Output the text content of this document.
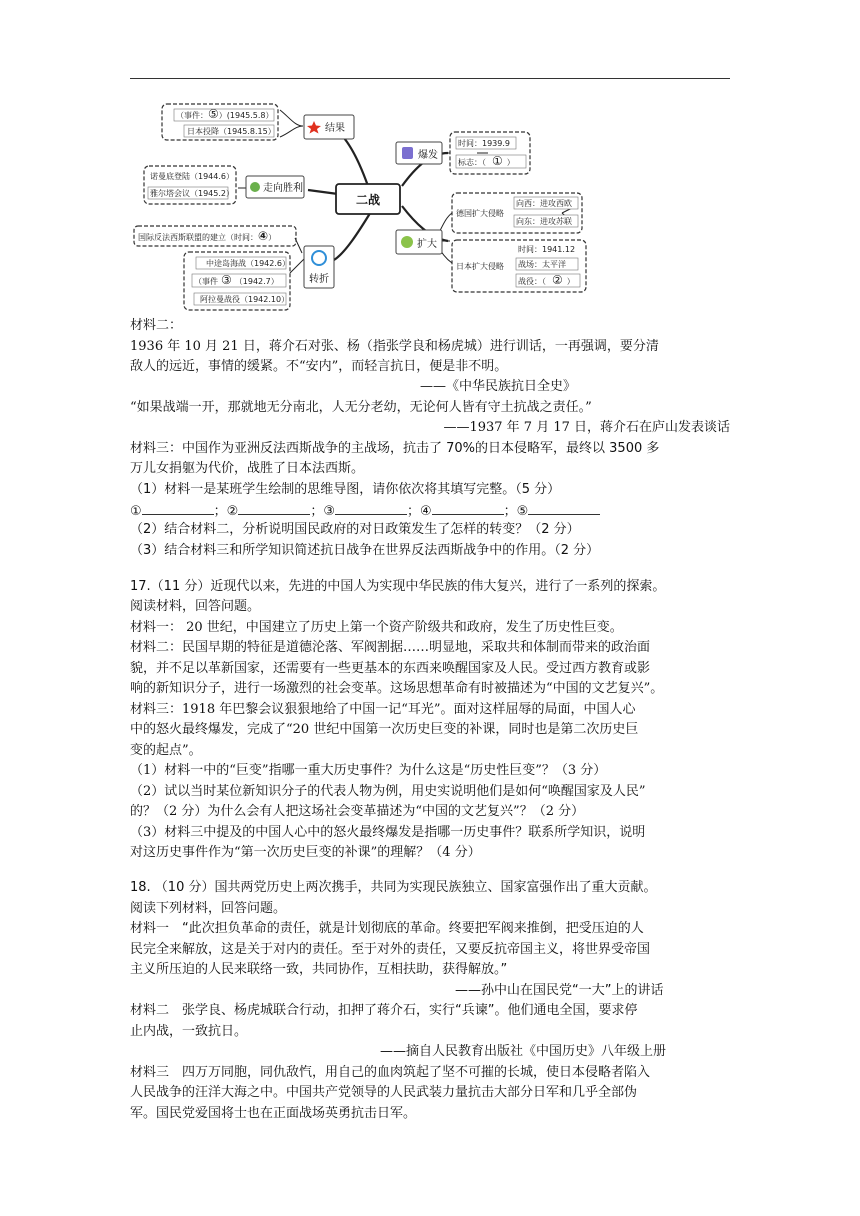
二战
结果
（事件：⑤）(1945.5.8）
日本投降（1945.8.15）
走向胜利
诺曼底登陆（1944.6）
雅尔塔会议（1945.2）
转折
国际反法西斯联盟的建立（时间：④）
中途岛海战（1942.6）
（事件 ③ （1942.7）
阿拉曼战役（1942.10）
爆发
时间：1939.9
标志：（ ① ）
扩大
德国扩大侵略
向西：进攻西欧
向东：进攻苏联
日本扩大侵略
时间：1941.12
战场：太平洋
战役：（ ② ）
材料二：
1936 年 10 月 21 日，蒋介石对张、杨（指张学良和杨虎城）进行训话，一再强调，要分清
敌人的远近，事情的缓紧。不“安内”，而轻言抗日，便是非不明。
——《中华民族抗日全史》
“如果战端一开，那就地无分南北，人无分老幼，无论何人皆有守土抗战之责任。”
——1937 年 7 月 17 日，蒋介石在庐山发表谈话
材料三：中国作为亚洲反法西斯战争的主战场，抗击了 70%的日本侵略军，最终以 3500 多
万儿女捐躯为代价，战胜了日本法西斯。
（1）材料一是某班学生绘制的思维导图，请你依次将其填写完整。（5 分）
①	；②	；③	；④	；⑤
（2）结合材料二，分析说明国民政府的对日政策发生了怎样的转变？（2 分）
（3）结合材料三和所学知识简述抗日战争在世界反法西斯战争中的作用。（2 分）
17.（11 分）近现代以来，先进的中国人为实现中华民族的伟大复兴，进行了一系列的探索。
阅读材料，回答问题。
材料一： 20 世纪，中国建立了历史上第一个资产阶级共和政府，发生了历史性巨变。
材料二：民国早期的特征是道德沦落、军阀割据……明显地，采取共和体制而带来的政治面
貌，并不足以革新国家，还需要有一些更基本的东西来唤醒国家及人民。受过西方教育或影
响的新知识分子，进行一场激烈的社会变革。这场思想革命有时被描述为“中国的文艺复兴”。
材料三：1918 年巴黎会议狠狠地给了中国一记“耳光”。面对这样屈辱的局面，中国人心
中的怒火最终爆发，完成了“20 世纪中国第一次历史巨变的补课，同时也是第二次历史巨
变的起点”。
（1）材料一中的“巨变”指哪一重大历史事件？为什么这是“历史性巨变”？（3 分）
（2）试以当时某位新知识分子的代表人物为例，用史实说明他们是如何“唤醒国家及人民”
的？（2 分）为什么会有人把这场社会变革描述为“中国的文艺复兴”？（2 分）
（3）材料三中提及的中国人心中的怒火最终爆发是指哪一历史事件？联系所学知识，说明
对这历史事件作为“第一次历史巨变的补课”的理解？（4 分）
18. （10 分）国共两党历史上两次携手，共同为实现民族独立、国家富强作出了重大贡献。
阅读下列材料，回答问题。
材料一　“此次担负革命的责任，就是计划彻底的革命。终要把军阀来推倒，把受压迫的人
民完全来解放，这是关于对内的责任。至于对外的责任，又要反抗帝国主义，将世界受帝国
主义所压迫的人民来联络一致，共同协作，互相扶助，获得解放。”
——孙中山在国民党“一大”上的讲话
材料二　张学良、杨虎城联合行动，扣押了蒋介石，实行“兵谏”。他们通电全国，要求停
止内战，一致抗日。
——摘自人民教育出版社《中国历史》八年级上册
材料三　四万万同胞，同仇敌忾，用自己的血肉筑起了坚不可摧的长城，使日本侵略者陷入
人民战争的汪洋大海之中。中国共产党领导的人民武装力量抗击大部分日军和几乎全部伪
军。国民党爱国将士也在正面战场英勇抗击日军。
